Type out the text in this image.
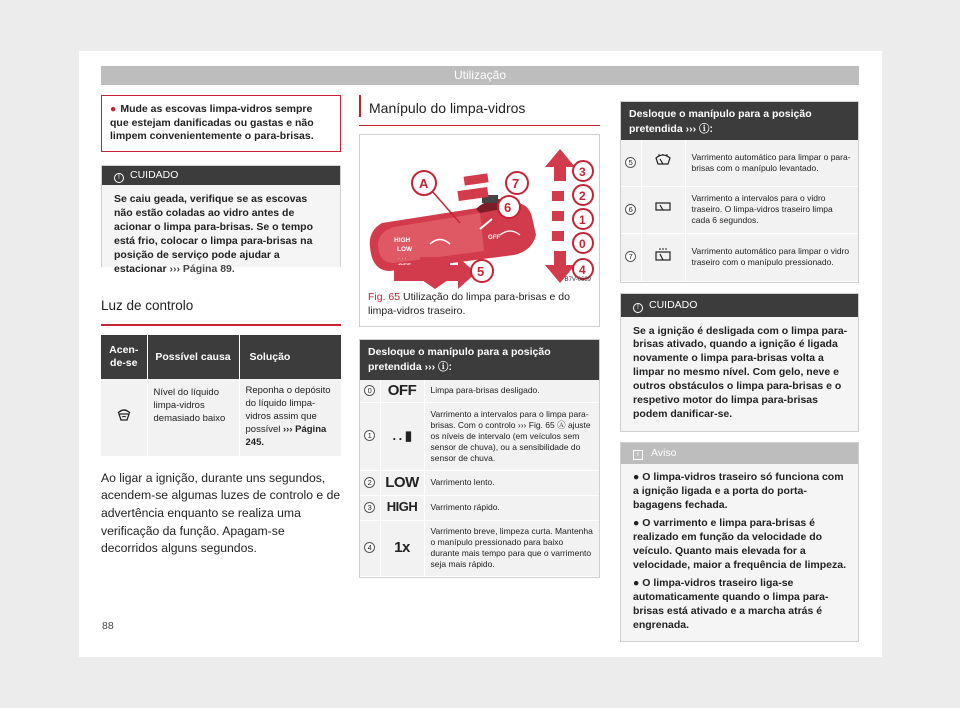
Utilização
● Mude as escovas limpa-vidros sempre que estejam danificadas ou gastas e não limpem convenientemente o para-brisas.
! CUIDADO
Se caiu geada, verifique se as escovas não estão coladas ao vidro antes de acionar o limpa para-brisas. Se o tempo está frio, colocar o limpa para-brisas na posição de serviço pode ajudar a estacionar ››› Página 89.
Luz de controlo
Acen-de-se	Possível causa	Solução
	Nível do líquido limpa-vidros demasiado baixo	Reponha o depósito do líquido limpa-vidros assim que possível ››› Página 245.
Ao ligar a ignição, durante uns segundos, acendem-se algumas luzes de controlo e de advertência enquanto se realiza uma verificação da função. Apagam-se decorridos alguns segundos.
Manípulo do limpa-vidros
HIGH
LOW
· · ·
OFF
A	7
6
5
3
2
1
0
4
B7V-0689
Fig. 65 Utilização do limpa para-brisas e do limpa-vidros traseiro.
Desloque o manípulo para a posição pretendida ››› ⓘ:
0	OFF	Limpa para-brisas desligado.
1	. . ▮	Varrimento a intervalos para o limpa para-brisas. Com o controlo ››› Fig. 65 Ⓐ ajuste os níveis de intervalo (em veículos sem sensor de chuva), ou a sensibilidade do sensor de chuva.
2	LOW	Varrimento lento.
3	HIGH	Varrimento rápido.
4	1x	Varrimento breve, limpeza curta. Mantenha o manípulo pressionado para baixo durante mais tempo para que o varrimento seja mais rápido.
Desloque o manípulo para a posição pretendida ››› ⓘ:
5		Varrimento automático para limpar o para-brisas com o manípulo levantado.
6		Varrimento a intervalos para o vidro traseiro. O limpa-vidros traseiro limpa cada 6 segundos.
7		Varrimento automático para limpar o vidro traseiro com o manípulo pressionado.
! CUIDADO
Se a ignição é desligada com o limpa para-brisas ativado, quando a ignição é ligada novamente o limpa para-brisas volta a limpar no mesmo nível. Com gelo, neve e outros obstáculos o limpa para-brisas e o respetivo motor do limpa para-brisas podem danificar-se.
i Aviso
● O limpa-vidros traseiro só funciona com a ignição ligada e a porta do porta-bagagens fechada.
● O varrimento e limpa para-brisas é realizado em função da velocidade do veículo. Quanto mais elevada for a velocidade, maior a frequência de limpeza.
● O limpa-vidros traseiro liga-se automaticamente quando o limpa para-brisas está ativado e a marcha atrás é engrenada.
88
